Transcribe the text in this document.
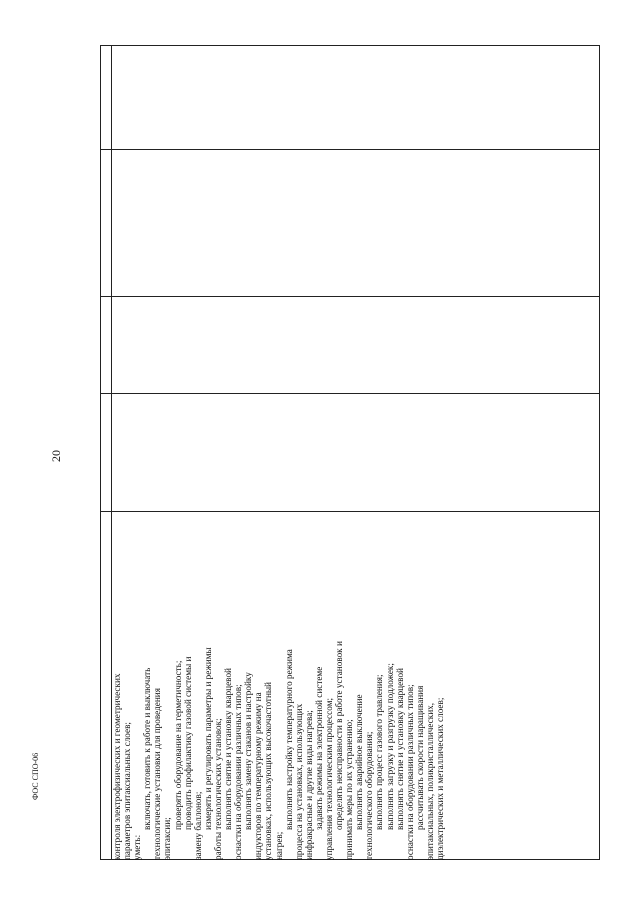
20
контроля электрофизических и геометрических параметров эпитаксиальных слоев; уметь:
включать, готовить к работе и выключать технологические установки для проведения эпитаксии;
проверять оборудование на герметичность; проводить профилактику газовой системы и замену баллонов; измерять и регулировать параметры и режимы работы технологических установок; выполнять снятие и установку кварцевой оснастки на оборудовании различных типов; выполнять замену стаканов и настройку индукторов по температурному режиму на установках, использующих высокочастотный нагрев;
выполнять настройку температурного режима процесса на установках, использующих инфракрасные и другие виды нагрева; задавать режимы на электронной системе управления технологическим процессом; определять неисправности в работе установок и принимать меры по их устранению; выполнять аварийное выключение технологического оборудования; выполнять процесс газового травления; выполнять загрузку и разгрузку подложек; выполнять снятие и установку кварцевой оснастки на оборудовании различных типов; рассчитывать скорости наращивания эпитаксиальных, поликристаллических, диэлектрических и металлических слоев;
ФОС СПО-06
